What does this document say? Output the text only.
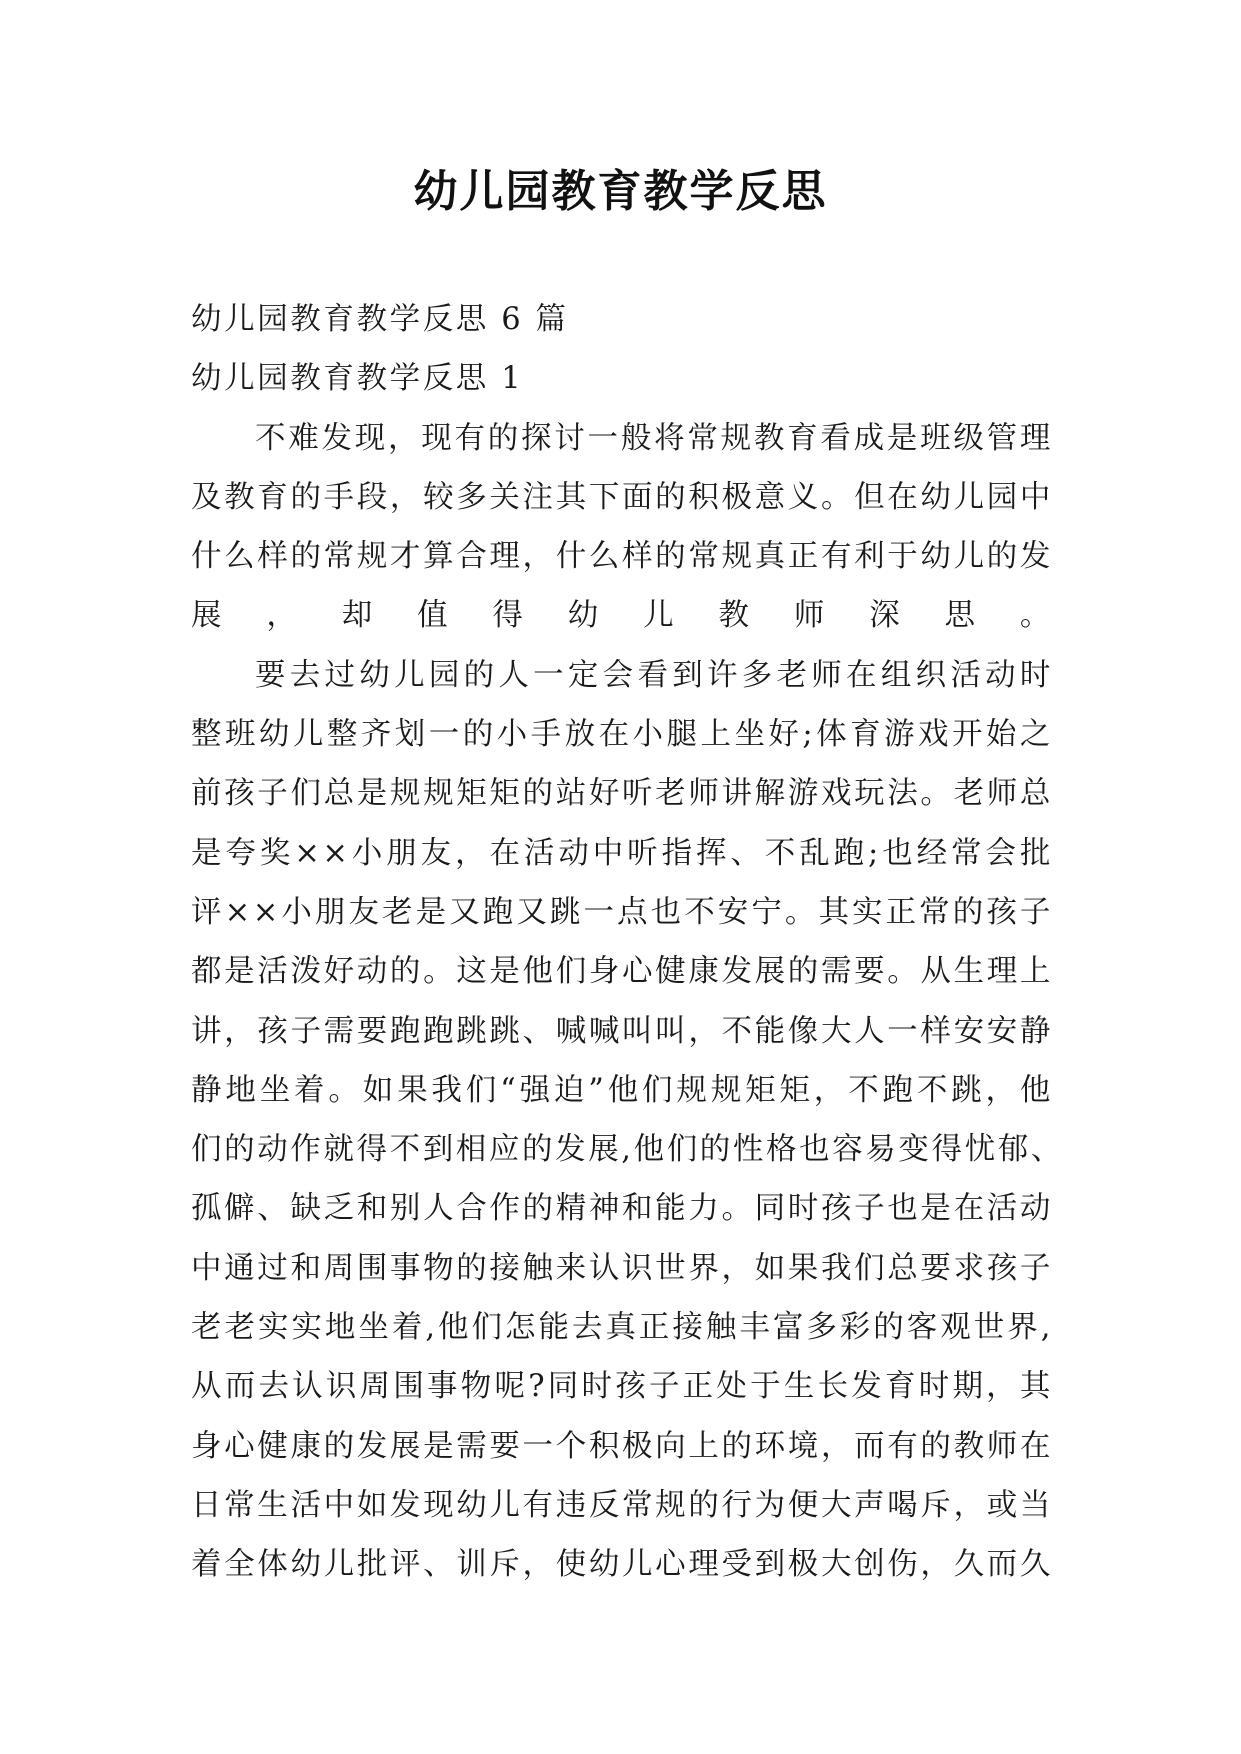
幼儿园教育教学反思
幼儿园教育教学反思 6 篇
幼儿园教育教学反思 1
不难发现，现有的探讨一般将常规教育看成是班级管理
及教育的手段，较多关注其下面的积极意义。但在幼儿园中
什么样的常规才算合理，什么样的常规真正有利于幼儿的发
展，却值得幼儿教师深思。
要去过幼儿园的人一定会看到许多老师在组织活动时
整班幼儿整齐划一的小手放在小腿上坐好;体育游戏开始之
前孩子们总是规规矩矩的站好听老师讲解游戏玩法。老师总
是夸奖××小朋友，在活动中听指挥、不乱跑;也经常会批
评××小朋友老是又跑又跳一点也不安宁。其实正常的孩子
都是活泼好动的。这是他们身心健康发展的需要。从生理上
讲，孩子需要跑跑跳跳、喊喊叫叫，不能像大人一样安安静
静地坐着。如果我们“强迫”他们规规矩矩，不跑不跳，他
们的动作就得不到相应的发展,他们的性格也容易变得忧郁、
孤僻、缺乏和别人合作的精神和能力。同时孩子也是在活动
中通过和周围事物的接触来认识世界，如果我们总要求孩子
老老实实地坐着,他们怎能去真正接触丰富多彩的客观世界,
从而去认识周围事物呢?同时孩子正处于生长发育时期，其
身心健康的发展是需要一个积极向上的环境，而有的教师在
日常生活中如发现幼儿有违反常规的行为便大声喝斥，或当
着全体幼儿批评、训斥，使幼儿心理受到极大创伤，久而久
